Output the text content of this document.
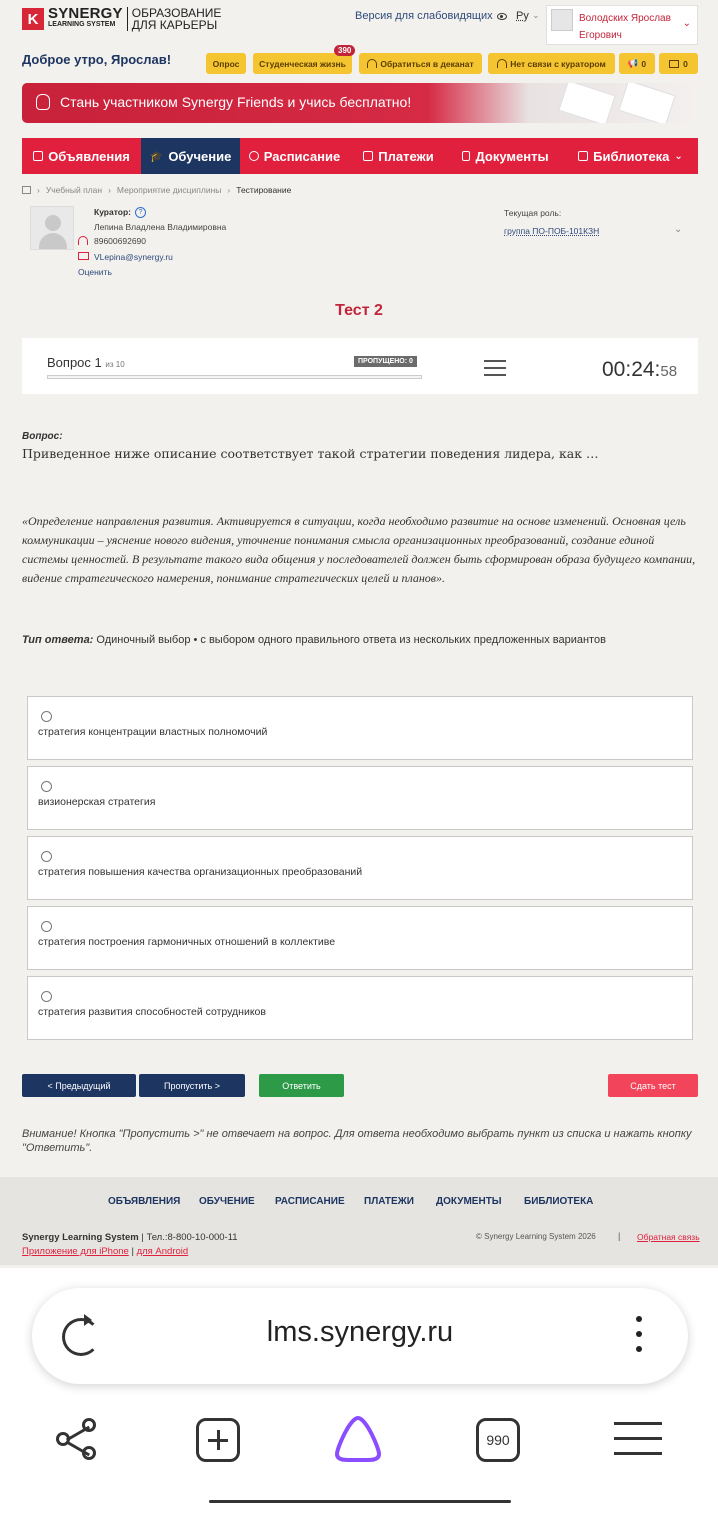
K SYNERGY
LEARNING SYSTEM
ОБРАЗОВАНИЕ
ДЛЯ КАРЬЕРЫ
Версия для слабовидящих Ру ⌄	Володских Ярослав Егорович
⌄
Доброе утро, Ярослав!	Опрос Студенческая жизнь
390
Обратиться в деканат	Нет связи с куратором	📢 0	0
Стань участником Synergy Friends и учись бесплатно!
Объявления 🎓 Обучение Расписание	Платежи	Документы	Библиотека ⌄
› Учебный план › Мероприятие дисциплины › Тестирование
Куратор:	?
Лепина Владлена Владимировна
89600692690
VLepina@synergy.ru
Оценить
Текущая роль:
группа ПО-ПОБ-101КЗН	⌄
Тест 2
Вопрос 1 из 10	ПРОПУЩЕНО: 0	00:24:58
Вопрос:
Приведенное ниже описание соответствует такой стратегии поведения лидера, как …
«Определение направления развития. Активируется в ситуации, когда необходимо развитие на основе изменений. Основная цель коммуникации – уяснение нового видения, уточнение понимания смысла организационных преобразований, создание единой системы ценностей. В результате такого вида общения у последователей должен быть сформирован образа будущего компании, видение стратегического намерения, понимание стратегических целей и планов».
Тип ответа: Одиночный выбор • с выбором одного правильного ответа из нескольких предложенных вариантов
стратегия концентрации властных полномочий
визионерская стратегия
стратегия повышения качества организационных преобразований
стратегия построения гармоничных отношений в коллективе
стратегия развития способностей сотрудников
< Предыдущий	Пропустить >	Ответить	Сдать тест
Внимание! Кнопка "Пропустить >" не отвечает на вопрос. Для ответа необходимо выбрать пункт из списка и нажать кнопку "Ответить".
ОБЪЯВЛЕНИЯ ОБУЧЕНИЕ РАСПИСАНИЕ ПЛАТЕЖИ ДОКУМЕНТЫ БИБЛИОТЕКА
Synergy Learning System | Тел.:8-800-10-000-11
Приложение для iPhone | для Android
© Synergy Learning System 2026 | Обратная связь
lms.synergy.ru
990
